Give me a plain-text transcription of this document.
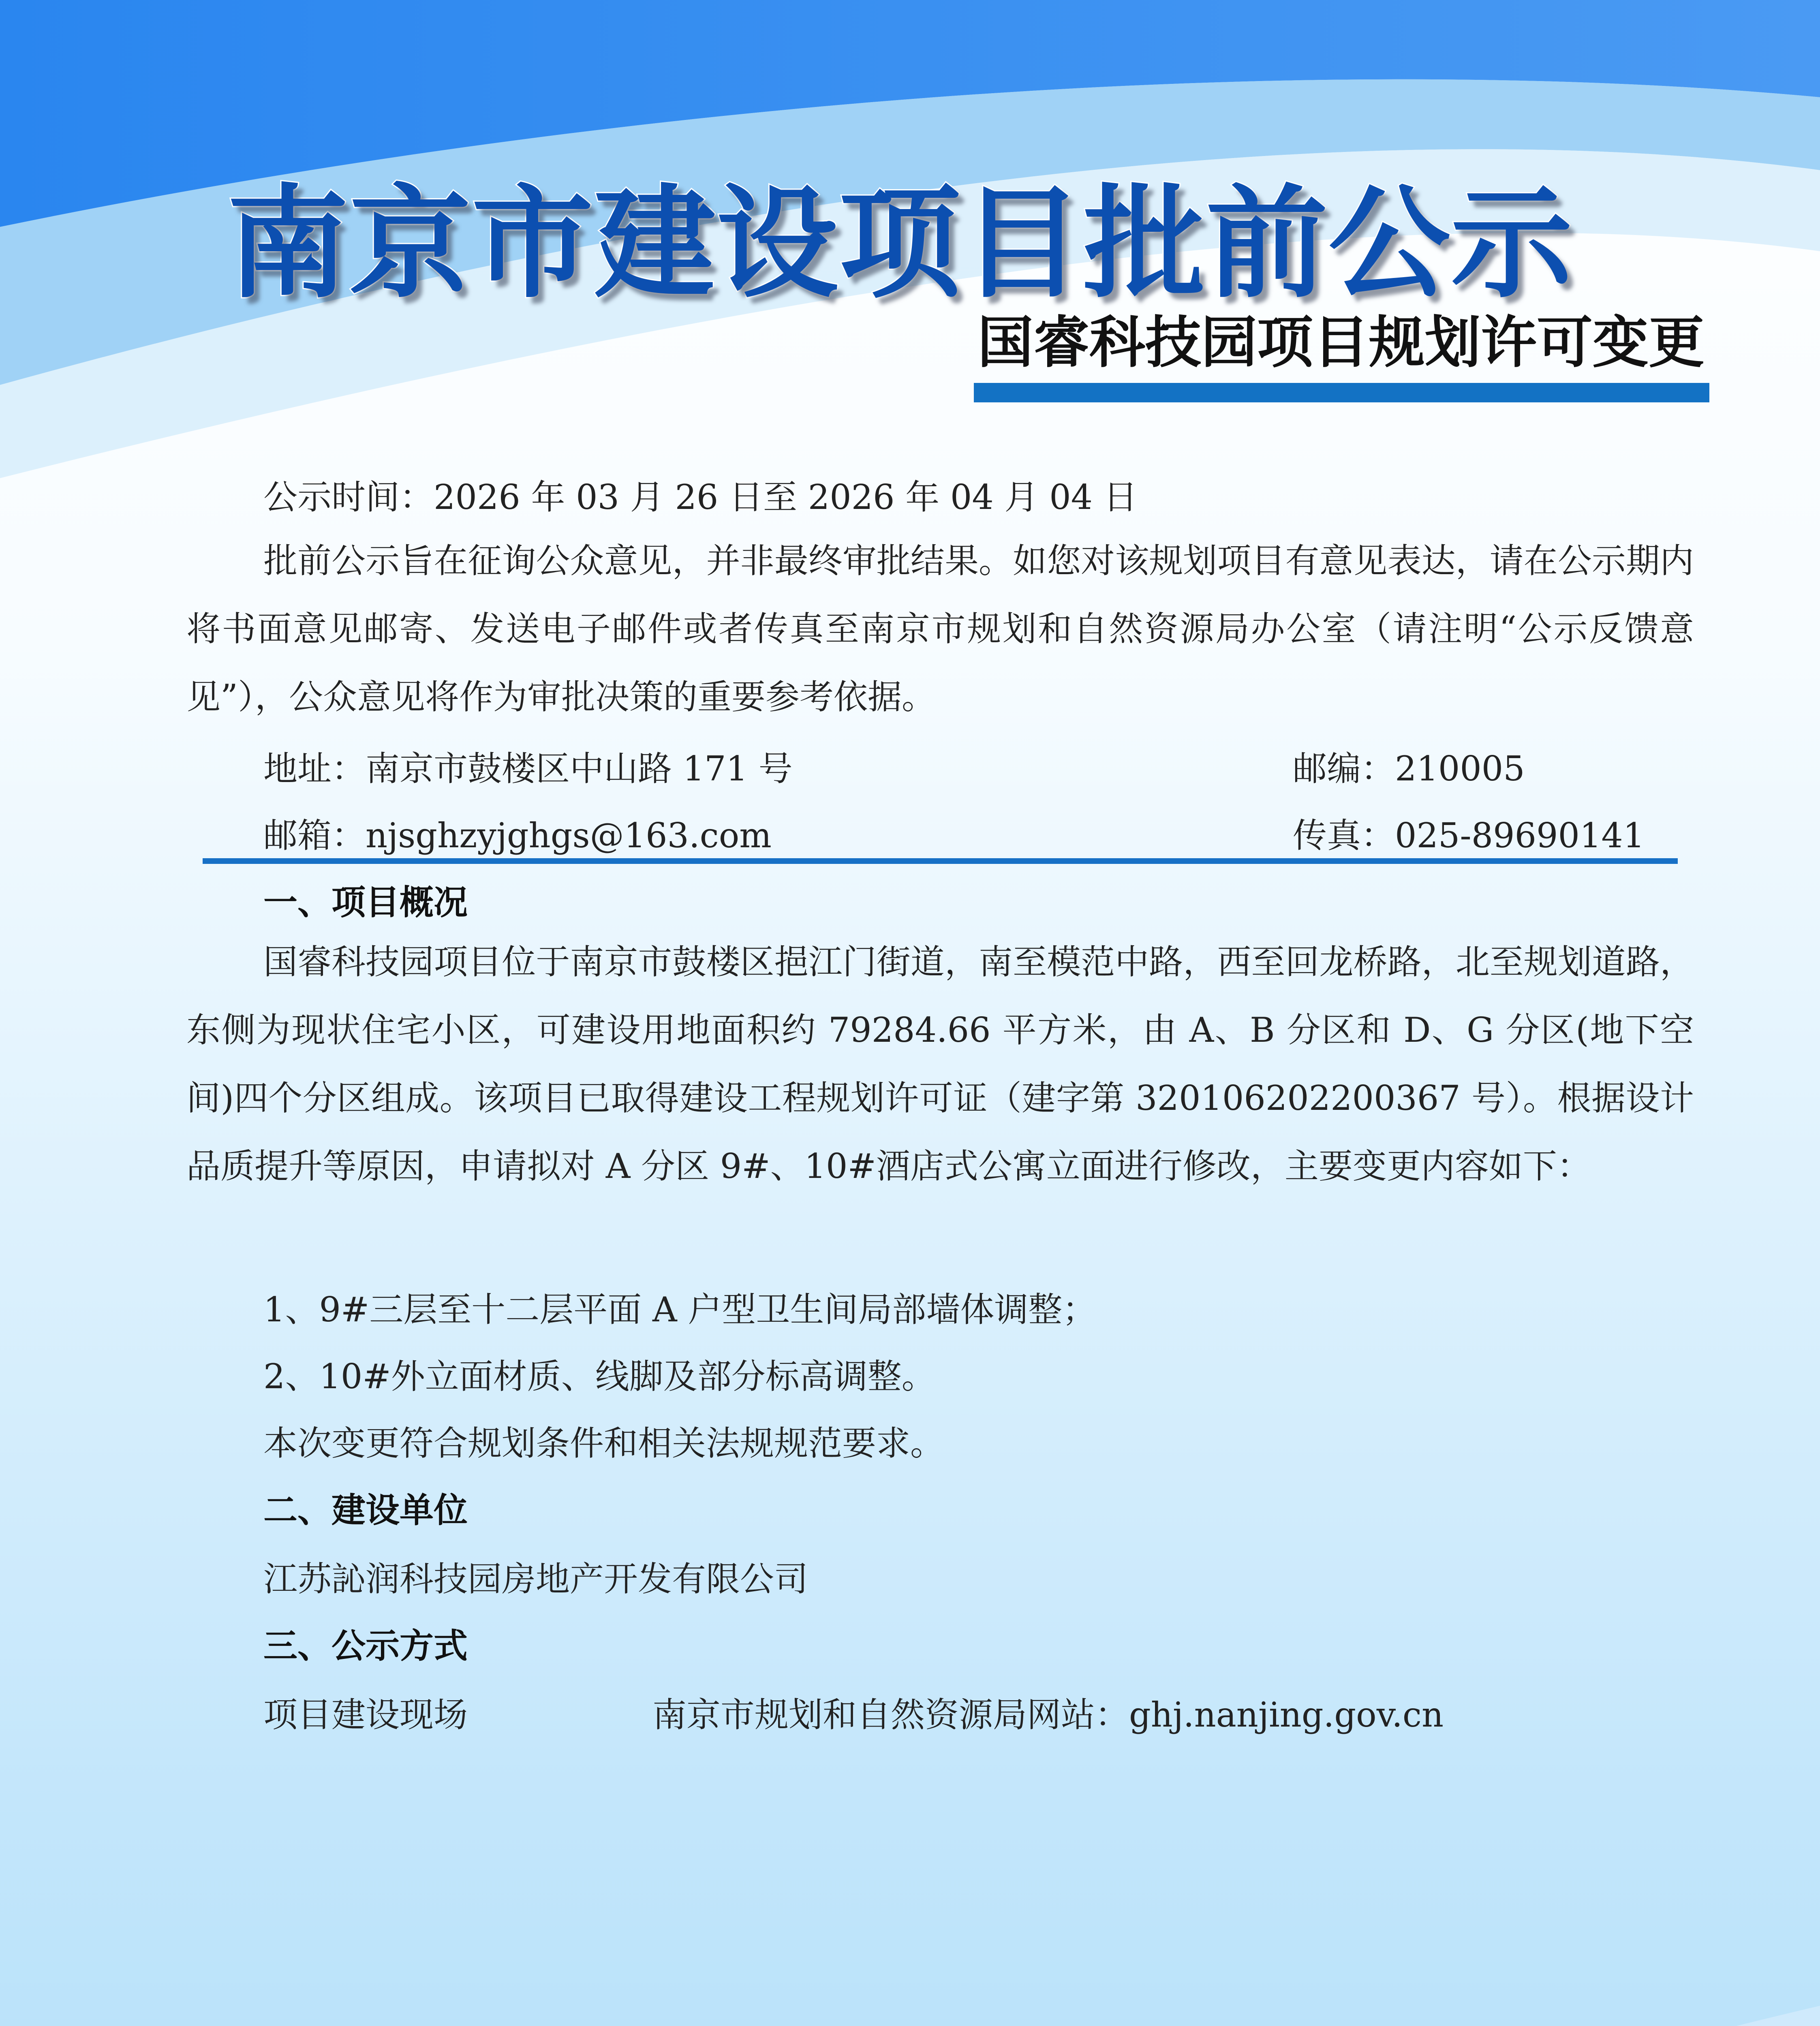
南京市建设项目批前公示
国睿科技园项目规划许可变更
公示时间：2026 年 03 月 26 日至 2026 年 04 月 04 日
批前公示旨在征询公众意见，并非最终审批结果。如您对该规划项目有意见表达，请在公示期内将书面意见邮寄、发送电子邮件或者传真至南京市规划和自然资源局办公室（请注明“公示反馈意见”），公众意见将作为审批决策的重要参考依据。
地址：南京市鼓楼区中山路 171 号	邮编：210005
邮箱：njsghzyjghgs@163.com	传真：025-89690141
一、项目概况
国睿科技园项目位于南京市鼓楼区挹江门街道，南至模范中路，西至回龙桥路，北至规划道路，东侧为现状住宅小区，可建设用地面积约 79284.66 平方米，由 A、B 分区和 D、G 分区(地下空间)四个分区组成。该项目已取得建设工程规划许可证（建字第 320106202200367 号）。根据设计品质提升等原因，申请拟对 A 分区 9#、10#酒店式公寓立面进行修改，主要变更内容如下：
1、9#三层至十二层平面 A 户型卫生间局部墙体调整；
2、10#外立面材质、线脚及部分标高调整。
本次变更符合规划条件和相关法规规范要求。
二、建设单位
江苏訫润科技园房地产开发有限公司
三、公示方式
项目建设现场	南京市规划和自然资源局网站：ghj.nanjing.gov.cn
